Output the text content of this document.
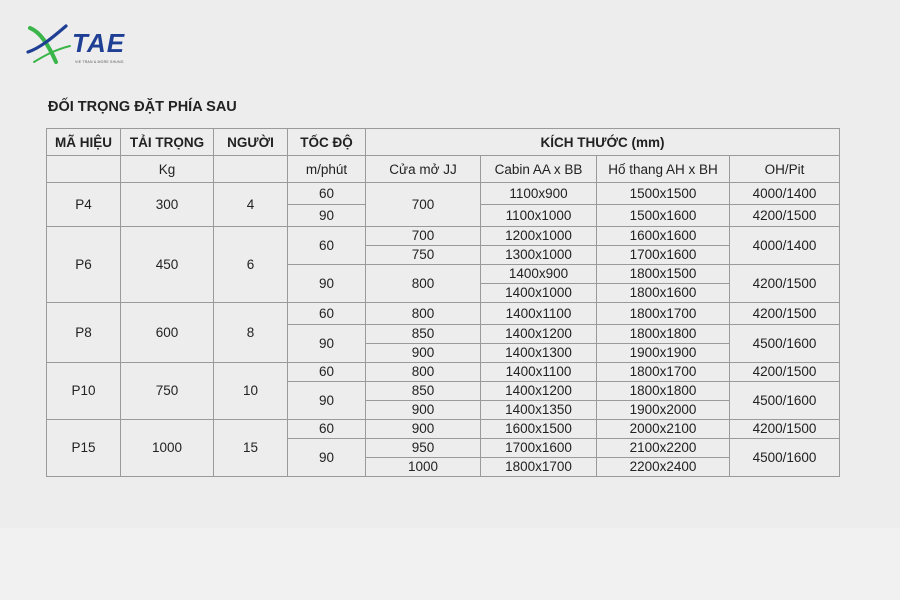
TAE
VIE TRAN & MORE SHUNG
ĐỐI TRỌNG ĐẶT PHÍA SAU
MÃ HIỆU	TẢI TRỌNG	NGƯỜI	TỐC ĐỘ	KÍCH THƯỚC (mm)			
	Kg		m/phút	Cửa mở JJ	Cabin AA x BB	Hố thang AH x BH	OH/Pit
P4	300	4	60	700	1100x900	1500x1500	4000/1400
			90		1100x1000	1500x1600	4200/1500
P6	450	6	60	700	1200x1000	1600x1600	4000/1400
				750	1300x1000	1700x1600	
			90	800	1400x900	1800x1500	4200/1500
					1400x1000	1800x1600	
P8	600	8	60	800	1400x1100	1800x1700	4200/1500
			90	850	1400x1200	1800x1800	4500/1600
				900	1400x1300	1900x1900	
P10	750	10	60	800	1400x1100	1800x1700	4200/1500
			90	850	1400x1200	1800x1800	4500/1600
				900	1400x1350	1900x2000	
P15	1000	15	60	900	1600x1500	2000x2100	4200/1500
			90	950	1700x1600	2100x2200	4500/1600
				1000	1800x1700	2200x2400	
